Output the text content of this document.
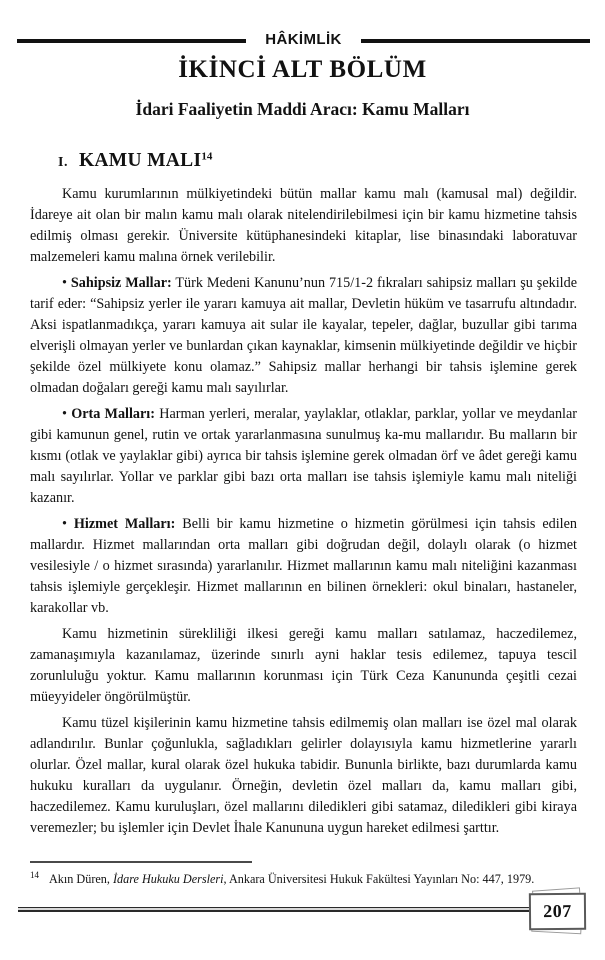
HÂKİMLİK
İKİNCİ ALT BÖLÜM
İdari Faaliyetin Maddi Aracı: Kamu Malları
I. KAMU MALI$^{14}$

Kamu kurumlarının mülkiyetindeki bütün mallar kamu malı (kamusal mal) değildir. İdareye ait olan bir malın kamu malı olarak nitelendirilebilmesi için bir kamu hizmetine tahsis edilmiş olması gerekir. Üniversite kütüphanesindeki kitaplar, lise binasındaki laboratuvar malzemeleri kamu malına örnek verilebilir.

• Sahipsiz Mallar: Türk Medeni Kanunu’nun 715/1-2 fıkraları sahipsiz malları şu şekilde tarif eder: “Sahipsiz yerler ile yararı kamuya ait mallar, Devletin hüküm ve tasarrufu altındadır. Aksi ispatlanmadıkça, yararı kamuya ait sular ile kayalar, tepeler, dağlar, buzullar gibi tarıma elverişli olmayan yerler ve bunlardan çıkan kaynaklar, kimsenin mülkiyetinde değildir ve hiçbir şekilde özel mülkiyete konu olamaz.” Sahipsiz mallar herhangi bir tahsis işlemine gerek olmadan doğaları gereği kamu malı sayılırlar.

• Orta Malları: Harman yerleri, meralar, yaylaklar, otlaklar, parklar, yollar ve meydanlar gibi kamunun genel, rutin ve ortak yararlanmasına sunulmuş ka-mu mallarıdır. Bu malların bir kısmı (otlak ve yaylaklar gibi) ayrıca bir tahsis işlemine gerek olmadan örf ve âdet gereği kamu malı sayılırlar. Yollar ve parklar gibi bazı orta malları ise tahsis işlemiyle kamu malı niteliği kazanır.

• Hizmet Malları: Belli bir kamu hizmetine o hizmetin görülmesi için tahsis edilen mallardır. Hizmet mallarından orta malları gibi doğrudan değil, dolaylı olarak (o hizmet vesilesiyle / o hizmet sırasında) yararlanılır. Hizmet mallarının kamu malı niteliğini kazanması tahsis işlemiyle gerçekleşir. Hizmet mallarının en bilinen örnekleri: okul binaları, hastaneler, karakollar vb.

Kamu hizmetinin sürekliliği ilkesi gereği kamu malları satılamaz, haczedilemez, zamanaşımıyla kazanılamaz, üzerinde sınırlı ayni haklar tesis edilemez, tapuya tescil zorunluluğu yoktur. Kamu mallarının korunması için Türk Ceza Kanununda çeşitli cezai müeyyideler öngörülmüştür.

Kamu tüzel kişilerinin kamu hizmetine tahsis edilmemiş olan malları ise özel mal olarak adlandırılır. Bunlar çoğunlukla, sağladıkları gelirler dolayısıyla kamu hizmetlerine yararlı olurlar. Özel mallar, kural olarak özel hukuka tabidir. Bununla birlikte, bazı durumlarda kamu hukuku kuralları da uygulanır. Örneğin, devletin özel malları da, kamu malları gibi, haczedilemez. Kamu kuruluşları, özel mallarını diledikleri gibi satamaz, diledikleri gibi kiraya veremezler; bu işlemler için Devlet İhale Kanununa uygun hareket edilmesi şarttır.

$^{14}$ Akın Düren, İdare Hukuku Dersleri, Ankara Üniversitesi Hukuk Fakültesi Yayınları No: 447, 1979.
207
